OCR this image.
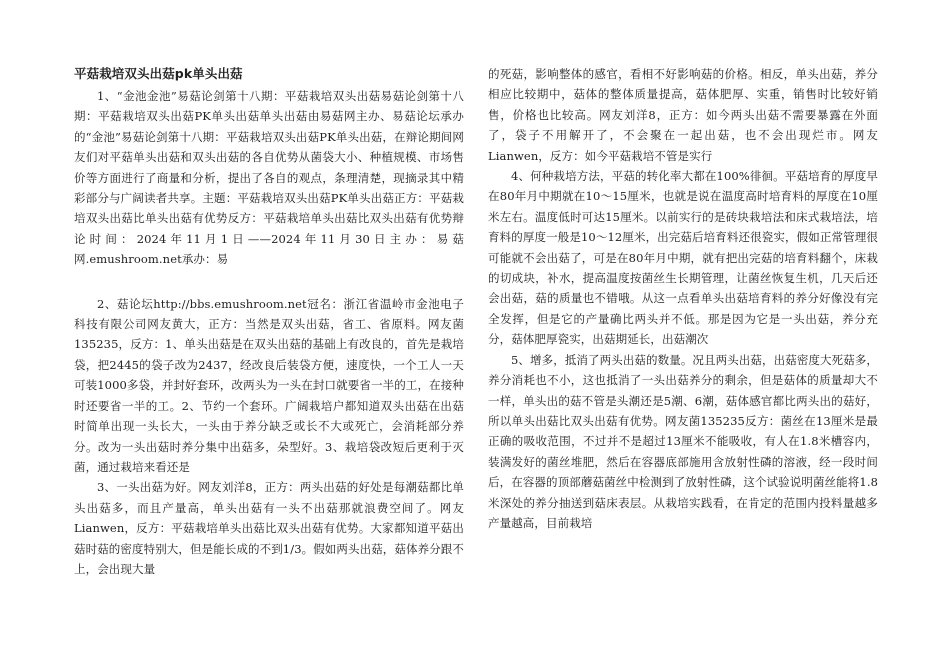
平菇栽培双头出菇pk单头出菇

1、“金池金池”易菇论剑第十八期：平菇栽培双头出菇易菇论剑第十八期：平菇栽培双头出菇PK单头出菇单头出菇由易菇网主办、易菇论坛承办的“金池”易菇论剑第十八期：平菇栽培双头出菇PK单头出菇，在辩论期间网友们对平菇单头出菇和双头出菇的各自优势从菌袋大小、种植规模、市场售价等方面进行了商量和分析，提出了各自的观点，条理清楚，现摘录其中精彩部分与广阔读者共享。主题：平菇栽培双头出菇PK单头出菇正方：平菇栽培双头出菇比单头出菇有优势反方：平菇栽培单头出菇比双头出菇有优势辩论时间：2024年11月1日——2024年11月30日主办：易菇网.emushroom.net承办：易

2、菇论坛http://bbs.emushroom.net冠名：浙江省温岭市金池电子科技有限公司网友黄大，正方：当然是双头出菇，省工、省原料。网友菌135235，反方：1、单头出菇是在双头出菇的基础上有改良的，首先是栽培袋，把2445的袋子改为2437，经改良后装袋方便，速度快，一个工人一天可装1000多袋，并封好套环，改两头为一头在封口就要省一半的工，在接种时还要省一半的工。2、节约一个套环。广阔栽培户都知道双头出菇在出菇时简单出现一头长大，一头由于养分缺乏或长不大或死亡，会消耗部分养分。改为一头出菇时养分集中出菇多，朵型好。3、栽培袋改短后更利于灭菌，通过栽培来看还是

3、一头出菇为好。网友刘洋8，正方：两头出菇的好处是每潮菇都比单头出菇多，而且产量高，单头出菇有一头不出菇那就浪费空间了。网友Lianwen，反方：平菇栽培单头出菇比双头出菇有优势。大家都知道平菇出菇时菇的密度特别大，但是能长成的不到1/3。假如两头出菇，菇体养分跟不上，会出现大量

的死菇，影响整体的感官，看相不好影响菇的价格。相反，单头出菇，养分相应比较期中，菇体的整体质量提高，菇体肥厚、实重，销售时比较好销售，价格也比较高。网友刘洋8，正方：如今两头出菇不需要暴露在外面了，袋子不用解开了，不会聚在一起出菇，也不会出现烂市。网友Lianwen，反方：如今平菇栽培不管是实行

4、何种栽培方法，平菇的转化率大都在100%徘徊。平菇培育的厚度早在80年月中期就在10～15厘米，也就是说在温度高时培育料的厚度在10厘米左右。温度低时可达15厘米。以前实行的是砖块栽培法和床式栽培法，培育料的厚度一般是10～12厘米，出完菇后培育料还很瓷实，假如正常管理很可能就不会出菇了，可是在80年月中期，就有把出完菇的培育料翻个，床栽的切成块，补水，提高温度按菌丝生长期管理，让菌丝恢复生机，几天后还会出菇，菇的质量也不错哦。从这一点看单头出菇培育料的养分好像没有完全发挥，但是它的产量确比两头并不低。那是因为它是一头出菇，养分充分，菇体肥厚瓷实，出菇期延长，出菇潮次

5、增多，抵消了两头出菇的数量。况且两头出菇，出菇密度大死菇多，养分消耗也不小，这也抵消了一头出菇养分的剩余，但是菇体的质量却大不一样，单头出的菇不管是头潮还是5潮、6潮，菇体感官都比两头出的菇好，所以单头出菇比双头出菇有优势。网友菌135235反方：菌丝在13厘米是最正确的吸收范围，不过并不是超过13厘米不能吸收，有人在1.8米槽容内，装满发好的菌丝堆肥，然后在容器底部施用含放射性磷的溶液，经一段时间后，在容器的顶部蘑菇菌丝中检测到了放射性磷，这个试验说明菌丝能将1.8米深处的养分抽送到菇床表层。从栽培实践看，在肯定的范围内投料量越多产量越高，目前栽培
